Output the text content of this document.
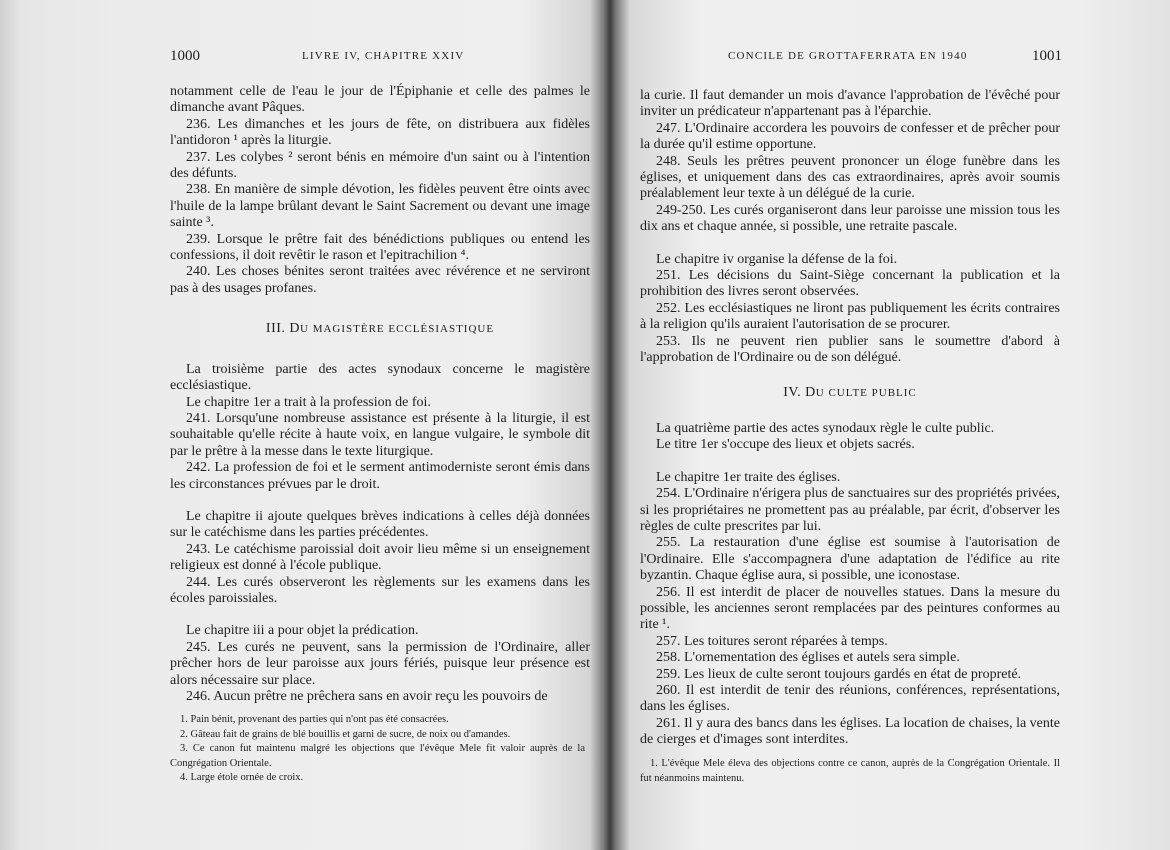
1000	LIVRE IV, CHAPITRE XXIV

notamment celle de l'eau le jour de l'Épiphanie et celle des palmes le dimanche avant Pâques.

236. Les dimanches et les jours de fête, on distribuera aux fidèles l'antidoron ¹ après la liturgie.

237. Les colybes ² seront bénis en mémoire d'un saint ou à l'intention des défunts.

238. En manière de simple dévotion, les fidèles peuvent être oints avec l'huile de la lampe brûlant devant le Saint Sacrement ou devant une image sainte ³.

239. Lorsque le prêtre fait des bénédictions publiques ou entend les confessions, il doit revêtir le rason et l'epitrachilion ⁴.

240. Les choses bénites seront traitées avec révérence et ne serviront pas à des usages profanes.

III. DU MAGISTÈRE ECCLÉSIASTIQUE

La troisième partie des actes synodaux concerne le magistère ecclésiastique.

Le chapitre 1er a trait à la profession de foi.

241. Lorsqu'une nombreuse assistance est présente à la liturgie, il est souhaitable qu'elle récite à haute voix, en langue vulgaire, le symbole dit par le prêtre à la messe dans le texte liturgique.

242. La profession de foi et le serment antimoderniste seront émis dans les circonstances prévues par le droit.

Le chapitre ii ajoute quelques brèves indications à celles déjà données sur le catéchisme dans les parties précédentes.

243. Le catéchisme paroissial doit avoir lieu même si un enseignement religieux est donné à l'école publique.

244. Les curés observeront les règlements sur les examens dans les écoles paroissiales.

Le chapitre iii a pour objet la prédication.

245. Les curés ne peuvent, sans la permission de l'Ordinaire, aller prêcher hors de leur paroisse aux jours fériés, puisque leur présence est alors nécessaire sur place.

246. Aucun prêtre ne prêchera sans en avoir reçu les pouvoirs de

1. Pain bénit, provenant des parties qui n'ont pas été consacrées.

2. Gâteau fait de grains de blé bouillis et garni de sucre, de noix ou d'amandes.

3. Ce canon fut maintenu malgré les objections que l'évêque Mele fit valoir auprès de la Congrégation Orientale.

4. Large étole ornée de croix.

CONCILE DE GROTTAFERRATA EN 1940	1001

la curie. Il faut demander un mois d'avance l'approbation de l'évêché pour inviter un prédicateur n'appartenant pas à l'éparchie.

247. L'Ordinaire accordera les pouvoirs de confesser et de prêcher pour la durée qu'il estime opportune.

248. Seuls les prêtres peuvent prononcer un éloge funèbre dans les églises, et uniquement dans des cas extraordinaires, après avoir soumis préalablement leur texte à un délégué de la curie.

249-250. Les curés organiseront dans leur paroisse une mission tous les dix ans et chaque année, si possible, une retraite pascale.

Le chapitre iv organise la défense de la foi.

251. Les décisions du Saint-Siège concernant la publication et la prohibition des livres seront observées.

252. Les ecclésiastiques ne liront pas publiquement les écrits contraires à la religion qu'ils auraient l'autorisation de se procurer.

253. Ils ne peuvent rien publier sans le soumettre d'abord à l'approbation de l'Ordinaire ou de son délégué.

IV. DU CULTE PUBLIC

La quatrième partie des actes synodaux règle le culte public.

Le titre 1er s'occupe des lieux et objets sacrés.

Le chapitre 1er traite des églises.

254. L'Ordinaire n'érigera plus de sanctuaires sur des propriétés privées, si les propriétaires ne promettent pas au préalable, par écrit, d'observer les règles de culte prescrites par lui.

255. La restauration d'une église est soumise à l'autorisation de l'Ordinaire. Elle s'accompagnera d'une adaptation de l'édifice au rite byzantin. Chaque église aura, si possible, une iconostase.

256. Il est interdit de placer de nouvelles statues. Dans la mesure du possible, les anciennes seront remplacées par des peintures conformes au rite ¹.

257. Les toitures seront réparées à temps.

258. L'ornementation des églises et autels sera simple.

259. Les lieux de culte seront toujours gardés en état de propreté.

260. Il est interdit de tenir des réunions, conférences, représentations, dans les églises.

261. Il y aura des bancs dans les églises. La location de chaises, la vente de cierges et d'images sont interdites.

1. L'évêque Mele éleva des objections contre ce canon, auprès de la Congrégation Orientale. Il fut néanmoins maintenu.
